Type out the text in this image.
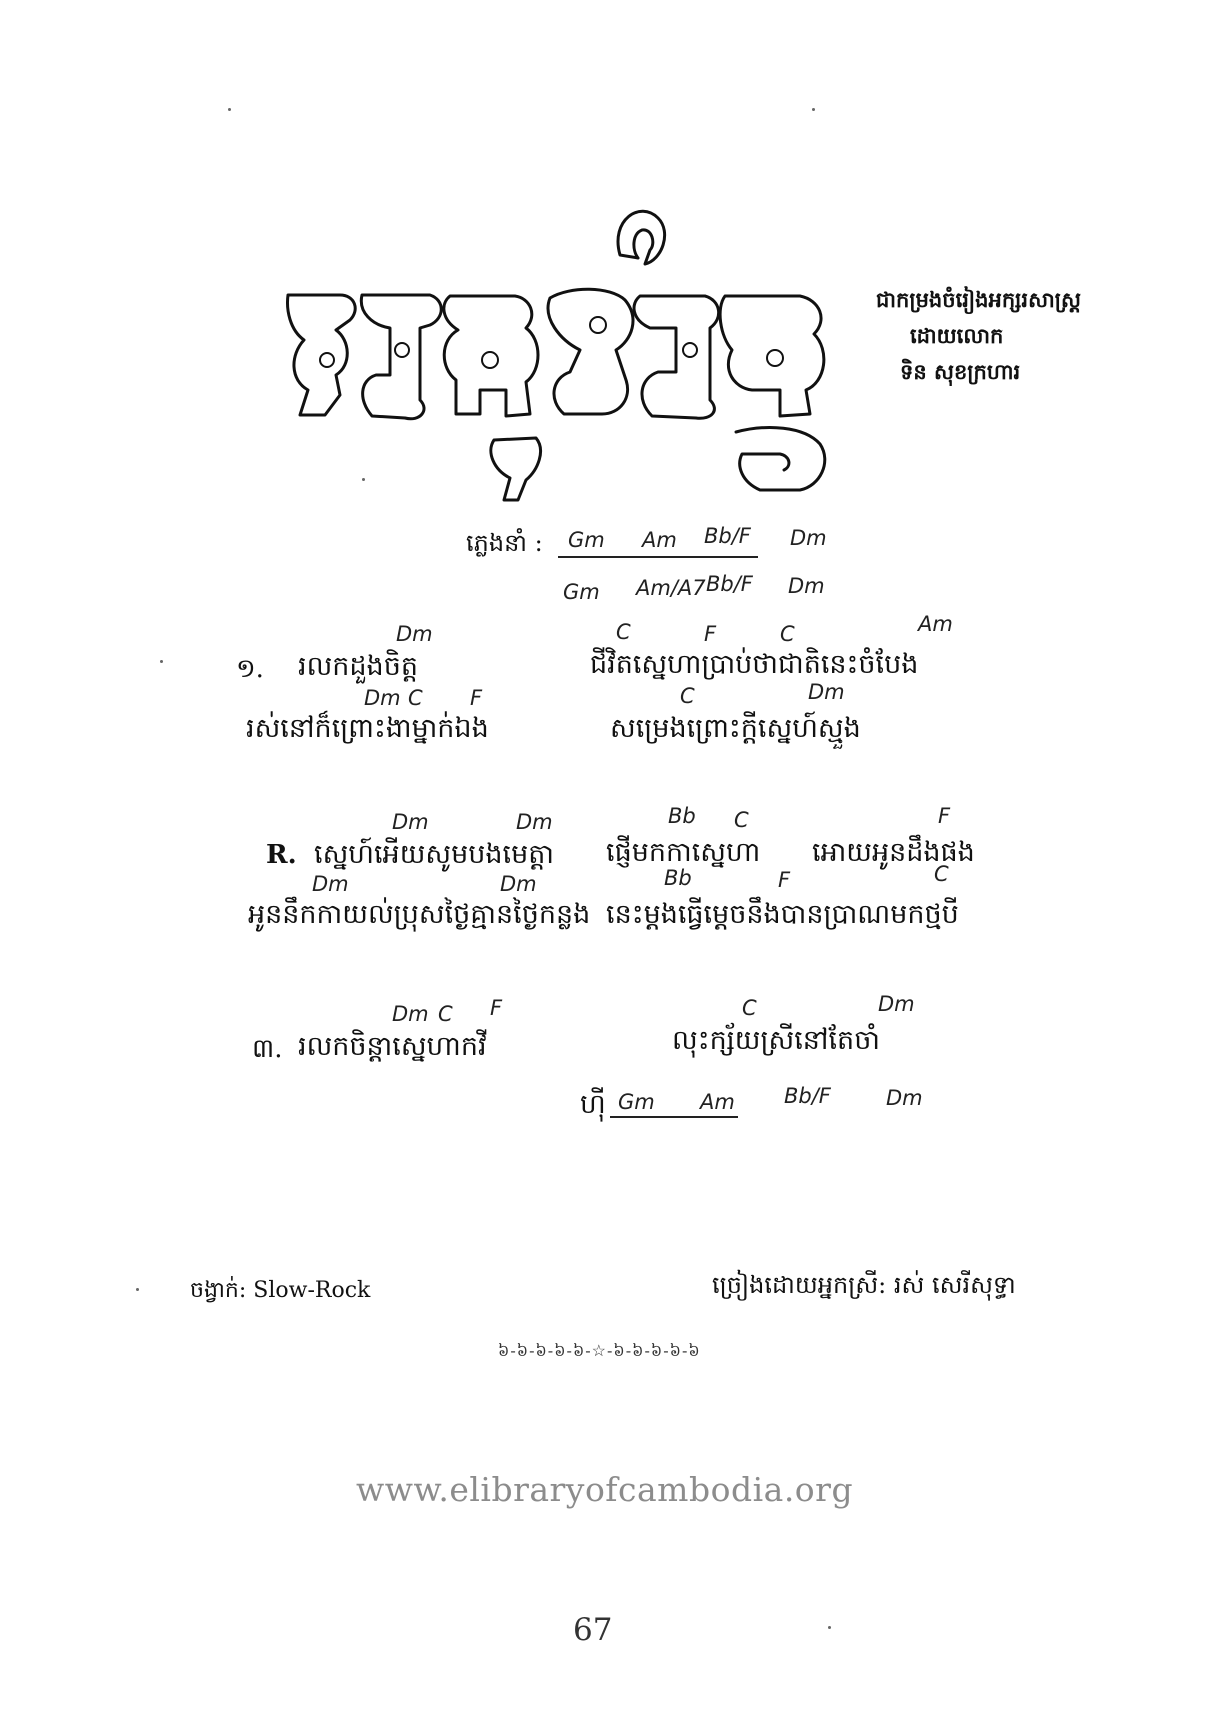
ជាកម្រងចំរៀងអក្សរសាស្ត្រ
ដោយលោក
ទិន សុខក្រហារ
ភ្លេងនាំ : Gm Am Bb/F Dm
Gm Am/A7 Bb/F Dm
១.
Dm
រលកដួងចិត្ត
C	F	C	Am
ជីវិតស្នេហាប្រាប់ថាជាតិនេះចំបែង
Dm C F
រស់នៅក៏ព្រោះងាម្នាក់ឯង
C	Dm
សម្រេងព្រោះក្តីស្នេហ៍ស្មួង
R.
Dm	Dm
ស្នេហ៍អើយសូមបងមេត្តា
Bb C
ផ្ញើមកកាស្នេហា
F
អោយអូនដឹងផង
Dm	Dm
អូននឹកកាយល់ប្រុសថ្ងៃគ្មានថ្ងៃកន្លង
Bb	F	C
នេះម្តងធ្វើម្តេចនឹងបានប្រាណមកថ្មបី
៣.
Dm C F
រលកចិន្តាស្នេហាកវី
C	Dm
លុះក្ស័យស្រីនៅតែចាំ
ហ៊ី Gm Am Bb/F	Dm
ចង្វាក់: Slow-Rock	ច្រៀងដោយអ្នកស្រី: រស់ សេរីសុទ្ធា
៦-៦-៦-៦-៦-☆-៦-៦-៦-៦-៦
www.elibraryofcambodia.org
67
